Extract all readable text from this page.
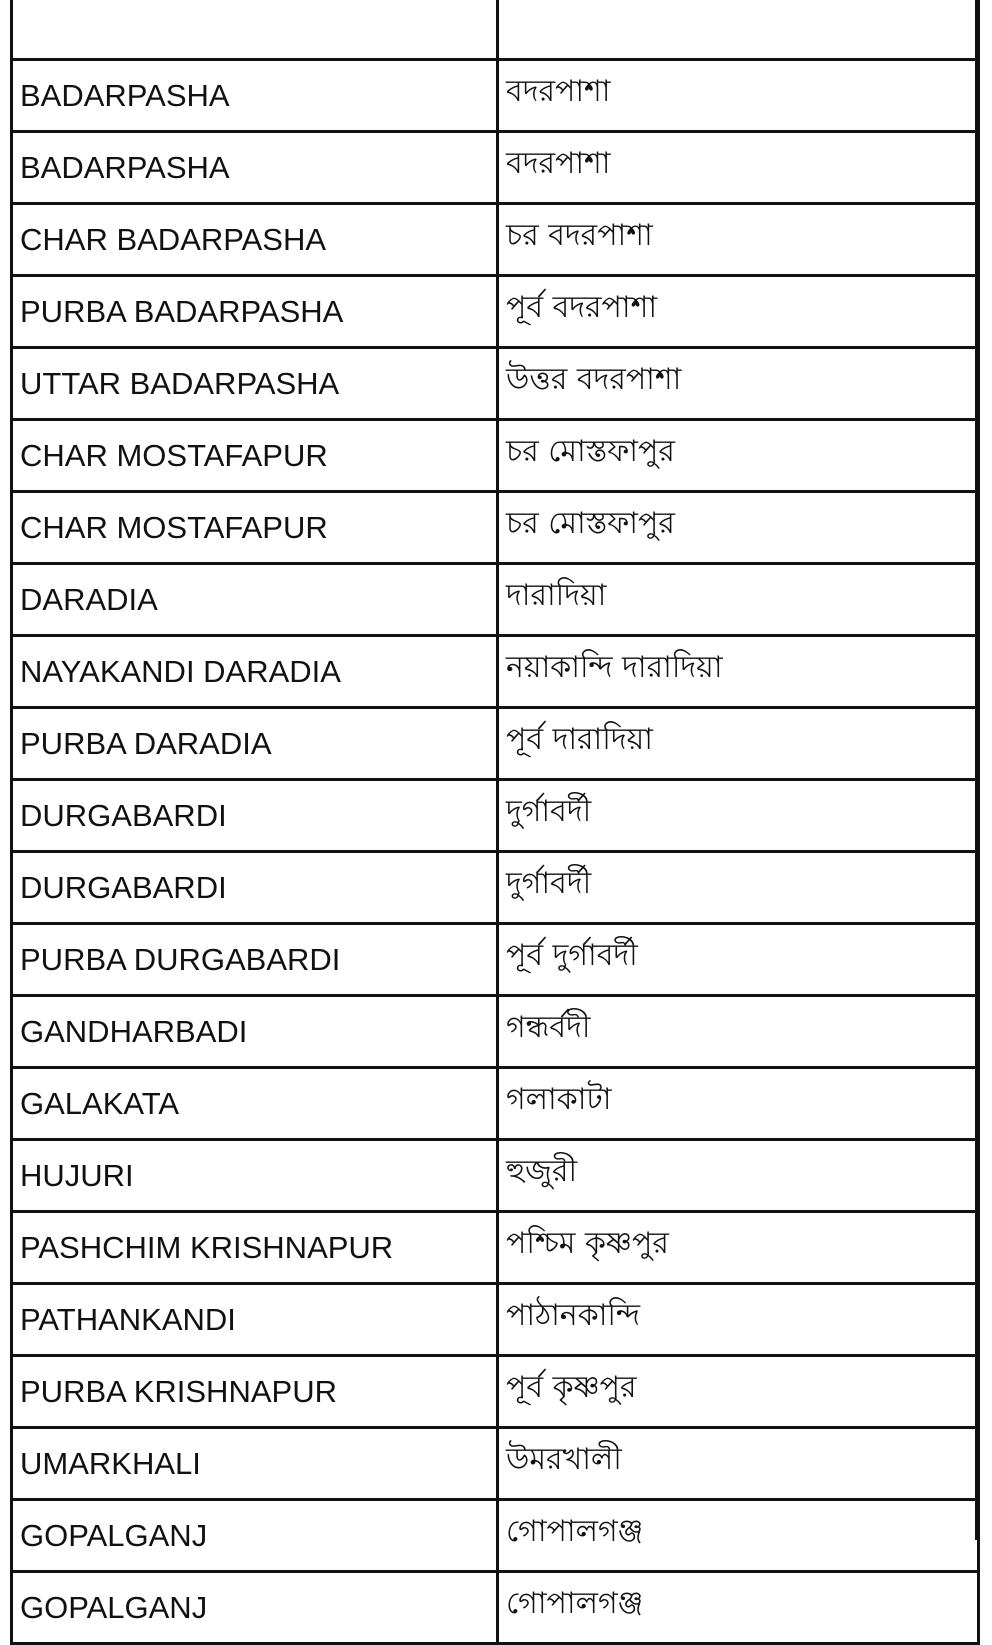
BADARPASHA	বদরপাশা
BADARPASHA	বদরপাশা
CHAR BADARPASHA	চর বদরপাশা
PURBA BADARPASHA	পূর্ব বদরপাশা
UTTAR BADARPASHA	উত্তর বদরপাশা
CHAR MOSTAFAPUR	চর মোস্তফাপুর
CHAR MOSTAFAPUR	চর মোস্তফাপুর
DARADIA	দারাদিয়া
NAYAKANDI DARADIA	নয়াকান্দি দারাদিয়া
PURBA DARADIA	পূর্ব দারাদিয়া
DURGABARDI	দুর্গাবর্দী
DURGABARDI	দুর্গাবর্দী
PURBA DURGABARDI	পূর্ব দুর্গাবর্দী
GANDHARBADI	গন্ধর্বদী
GALAKATA	গলাকাটা
HUJURI	হুজুরী
PASHCHIM KRISHNAPUR	পশ্চিম কৃষ্ণপুর
PATHANKANDI	পাঠানকান্দি
PURBA KRISHNAPUR	পূর্ব কৃষ্ণপুর
UMARKHALI	উমরখালী
GOPALGANJ	গোপালগঞ্জ
GOPALGANJ	গোপালগঞ্জ
